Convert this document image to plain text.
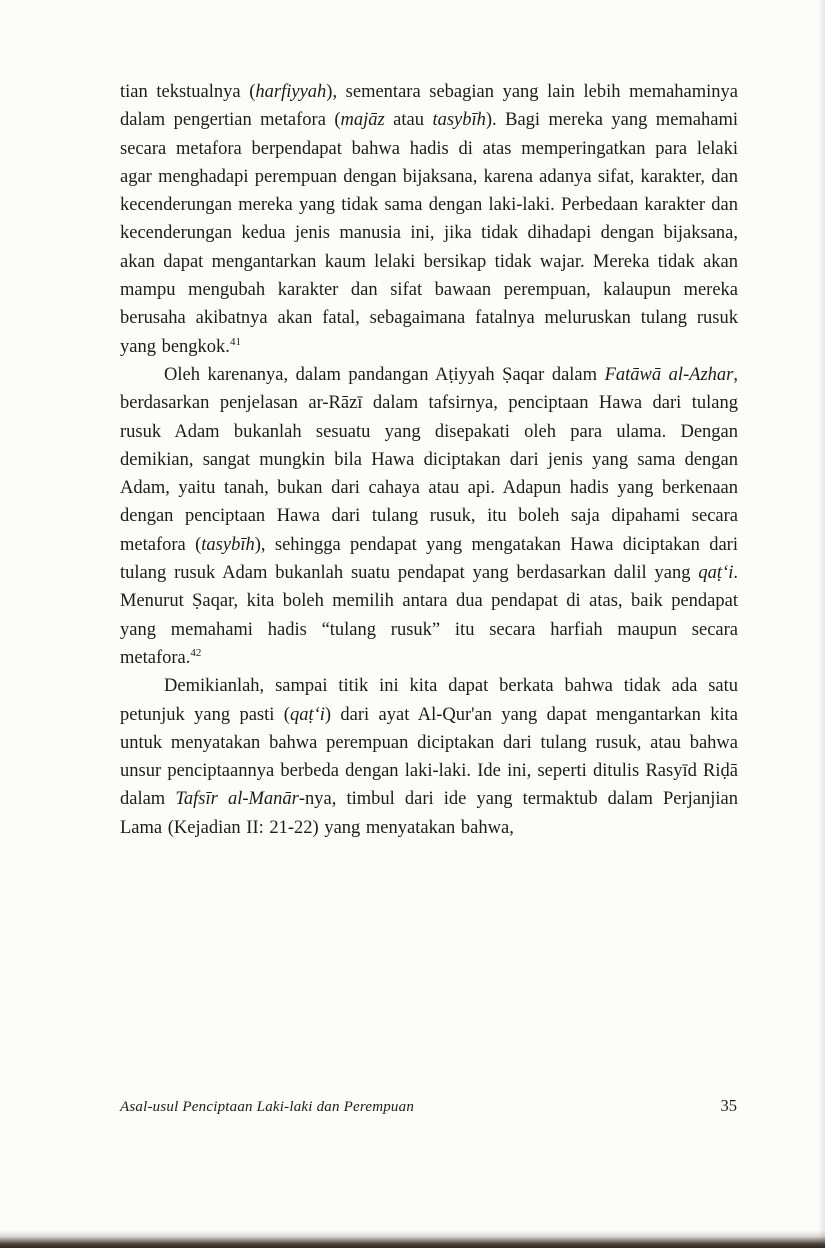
tian tekstualnya (harfiyyah), sementara sebagian yang lain lebih memahaminya dalam pengertian metafora (majāz atau tasybīh). Bagi mereka yang memahami secara metafora berpendapat bahwa hadis di atas memperingatkan para lelaki agar menghadapi perempuan dengan bijaksana, karena adanya sifat, karakter, dan kecenderungan mereka yang tidak sama dengan laki-laki. Perbedaan karakter dan kecenderungan kedua jenis manusia ini, jika tidak dihadapi dengan bijaksana, akan dapat mengantarkan kaum lelaki bersikap tidak wajar. Mereka tidak akan mampu mengubah karakter dan sifat bawaan perempuan, kalaupun mereka berusaha akibatnya akan fatal, sebagaimana fatalnya meluruskan tulang rusuk yang bengkok.$^{41}$

Oleh karenanya, dalam pandangan Aṭiyyah Ṣaqar dalam Fatāwā al-Azhar, berdasarkan penjelasan ar-Rāzī dalam tafsirnya, penciptaan Hawa dari tulang rusuk Adam bukanlah sesuatu yang disepakati oleh para ulama. Dengan demikian, sangat mungkin bila Hawa diciptakan dari jenis yang sama dengan Adam, yaitu tanah, bukan dari cahaya atau api. Adapun hadis yang berkenaan dengan penciptaan Hawa dari tulang rusuk, itu boleh saja dipahami secara metafora (tasybīh), sehingga pendapat yang mengatakan Hawa diciptakan dari tulang rusuk Adam bukanlah suatu pendapat yang berdasarkan dalil yang qaṭ‘i. Menurut Ṣaqar, kita boleh memilih antara dua pendapat di atas, baik pendapat yang memahami hadis “tulang rusuk” itu secara harfiah maupun secara metafora.$^{42}$

Demikianlah, sampai titik ini kita dapat berkata bahwa tidak ada satu petunjuk yang pasti (qaṭ‘i) dari ayat Al-Qur'an yang dapat mengantarkan kita untuk menyatakan bahwa perempuan diciptakan dari tulang rusuk, atau bahwa unsur penciptaannya berbeda dengan laki-laki. Ide ini, seperti ditulis Rasyīd Riḍā dalam Tafsīr al-Manār-nya, timbul dari ide yang termaktub dalam Perjanjian Lama (Kejadian II: 21-22) yang menyatakan bahwa,

Asal-usul Penciptaan Laki-laki dan Perempuan	35
